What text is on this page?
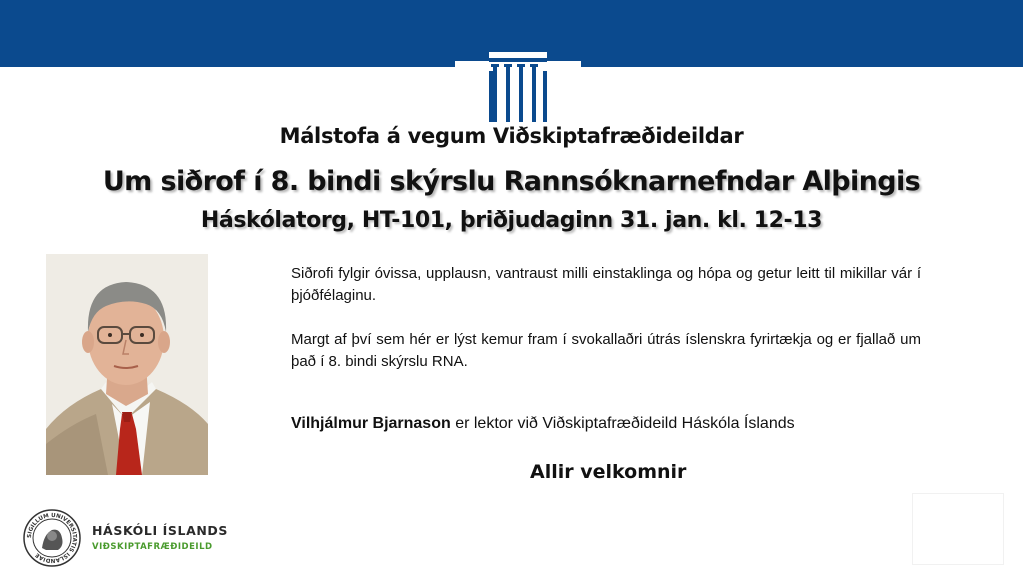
Málstofa á vegum Viðskiptafræðideildar
Um siðrof í 8. bindi skýrslu Rannsóknarnefndar Alþingis
Háskólatorg, HT-101, þriðjudaginn 31. jan. kl. 12-13
Siðrofi fylgir óvissa, upplausn, vantraust milli einstaklinga og hópa og getur leitt til mikillar vár í þjóðfélaginu.
Margt af því sem hér er lýst kemur fram í svokallaðri útrás íslenskra fyrirtækja og er fjallað um það í 8. bindi skýrslu RNA.
Vilhjálmur Bjarnason er lektor við Viðskiptafræðideild Háskóla Íslands
Allir velkomnir
SIGILLUM UNIVERSITATIS ISLANDIAE
HÁSKÓLI ÍSLANDS
VIÐSKIPTAFRÆÐIDEILD
